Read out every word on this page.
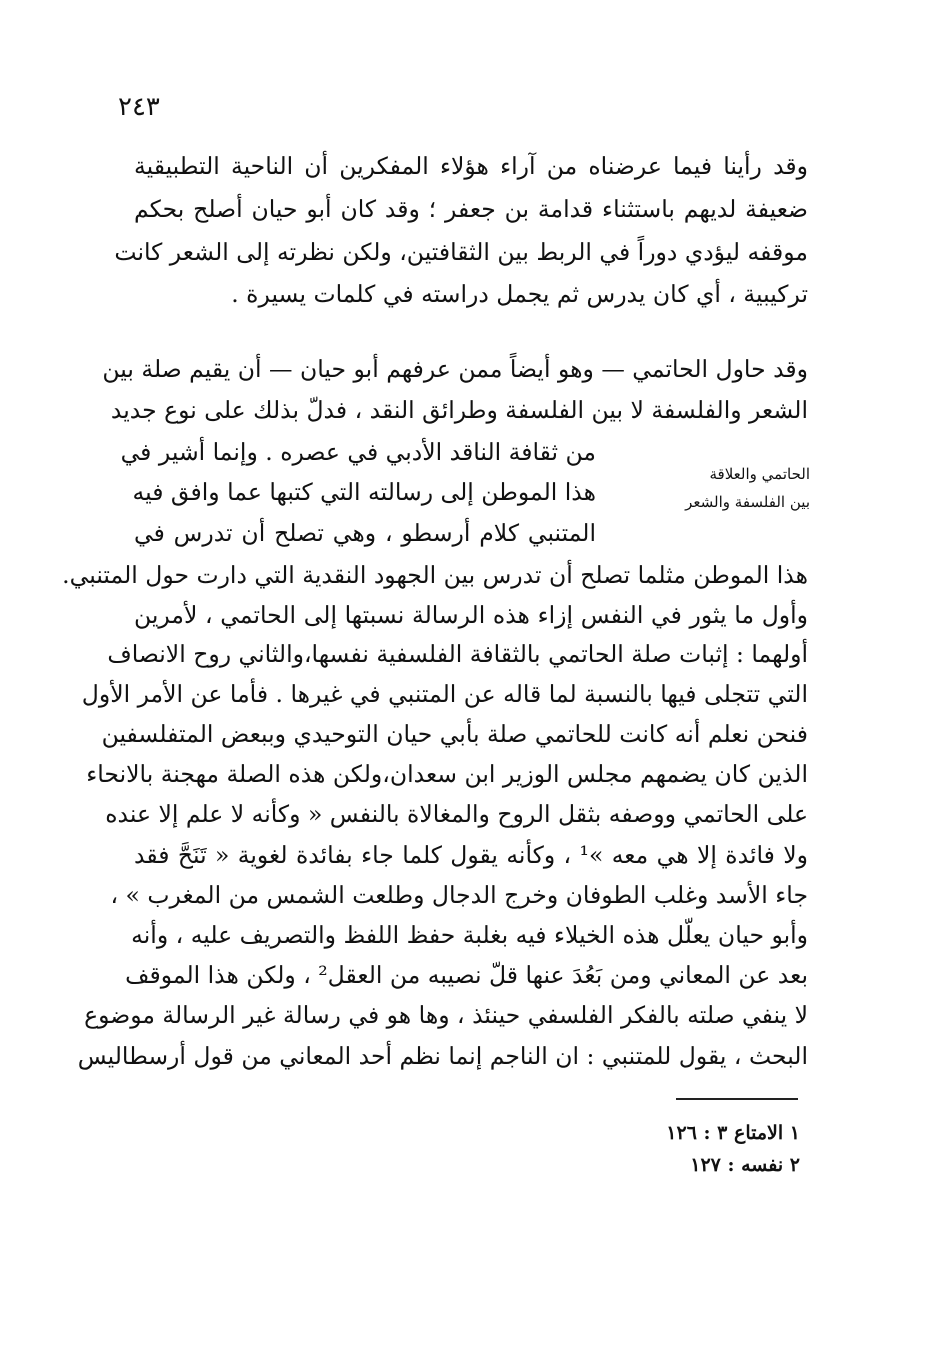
٢٤٣
وقد رأينا فيما عرضناه من آراء هؤلاء المفكرين أن الناحية التطبيقية
ضعيفة لديهم باستثناء قدامة بن جعفر ؛ وقد كان أبو حيان أصلح بحكم
موقفه ليؤدي دوراً في الربط بين الثقافتين، ولكن نظرته إلى الشعر كانت
تركيبية ، أي كان يدرس ثم يجمل دراسته في كلمات يسيرة .
وقد حاول الحاتمي — وهو أيضاً ممن عرفهم أبو حيان — أن يقيم صلة بين
الشعر والفلسفة لا بين الفلسفة وطرائق النقد ، فدلّ بذلك على نوع جديد
من ثقافة الناقد الأدبي في عصره . وإنما أشير في
هذا الموطن إلى رسالته التي كتبها عما وافق فيه
المتنبي كلام أرسطو ، وهي تصلح أن تدرس في
الحاتمي والعلاقة
بين الفلسفة والشعر
هذا الموطن مثلما تصلح أن تدرس بين الجهود النقدية التي دارت حول المتنبي.
وأول ما يثور في النفس إزاء هذه الرسالة نسبتها إلى الحاتمي ، لأمرين
أولهما : إثبات صلة الحاتمي بالثقافة الفلسفية نفسها،والثاني روح الانصاف
التي تتجلى فيها بالنسبة لما قاله عن المتنبي في غيرها . فأما عن الأمر الأول
فنحن نعلم أنه كانت للحاتمي صلة بأبي حيان التوحيدي وببعض المتفلسفين
الذين كان يضمهم مجلس الوزير ابن سعدان،ولكن هذه الصلة مهجنة بالانحاء
على الحاتمي ووصفه بثقل الروح والمغالاة بالنفس « وكأنه لا علم إلا عنده
ولا فائدة إلا هي معه »¹ ، وكأنه يقول كلما جاء بفائدة لغوية « تَنَحَّ فقد
جاء الأسد وغلب الطوفان وخرج الدجال وطلعت الشمس من المغرب » ،
وأبو حيان يعلّل هذه الخيلاء فيه بغلبة حفظ اللفظ والتصريف عليه ، وأنه
بعد عن المعاني ومن بَعُدَ عنها قلّ نصيبه من العقل² ، ولكن هذا الموقف
لا ينفي صلته بالفكر الفلسفي حينئذ ، وها هو في رسالة غير الرسالة موضوع
البحث ، يقول للمتنبي : ان الناجم إنما نظم أحد المعاني من قول أرسطاليس
١ الامتاع ٣ : ١٢٦
٢ نفسه : ١٢٧
